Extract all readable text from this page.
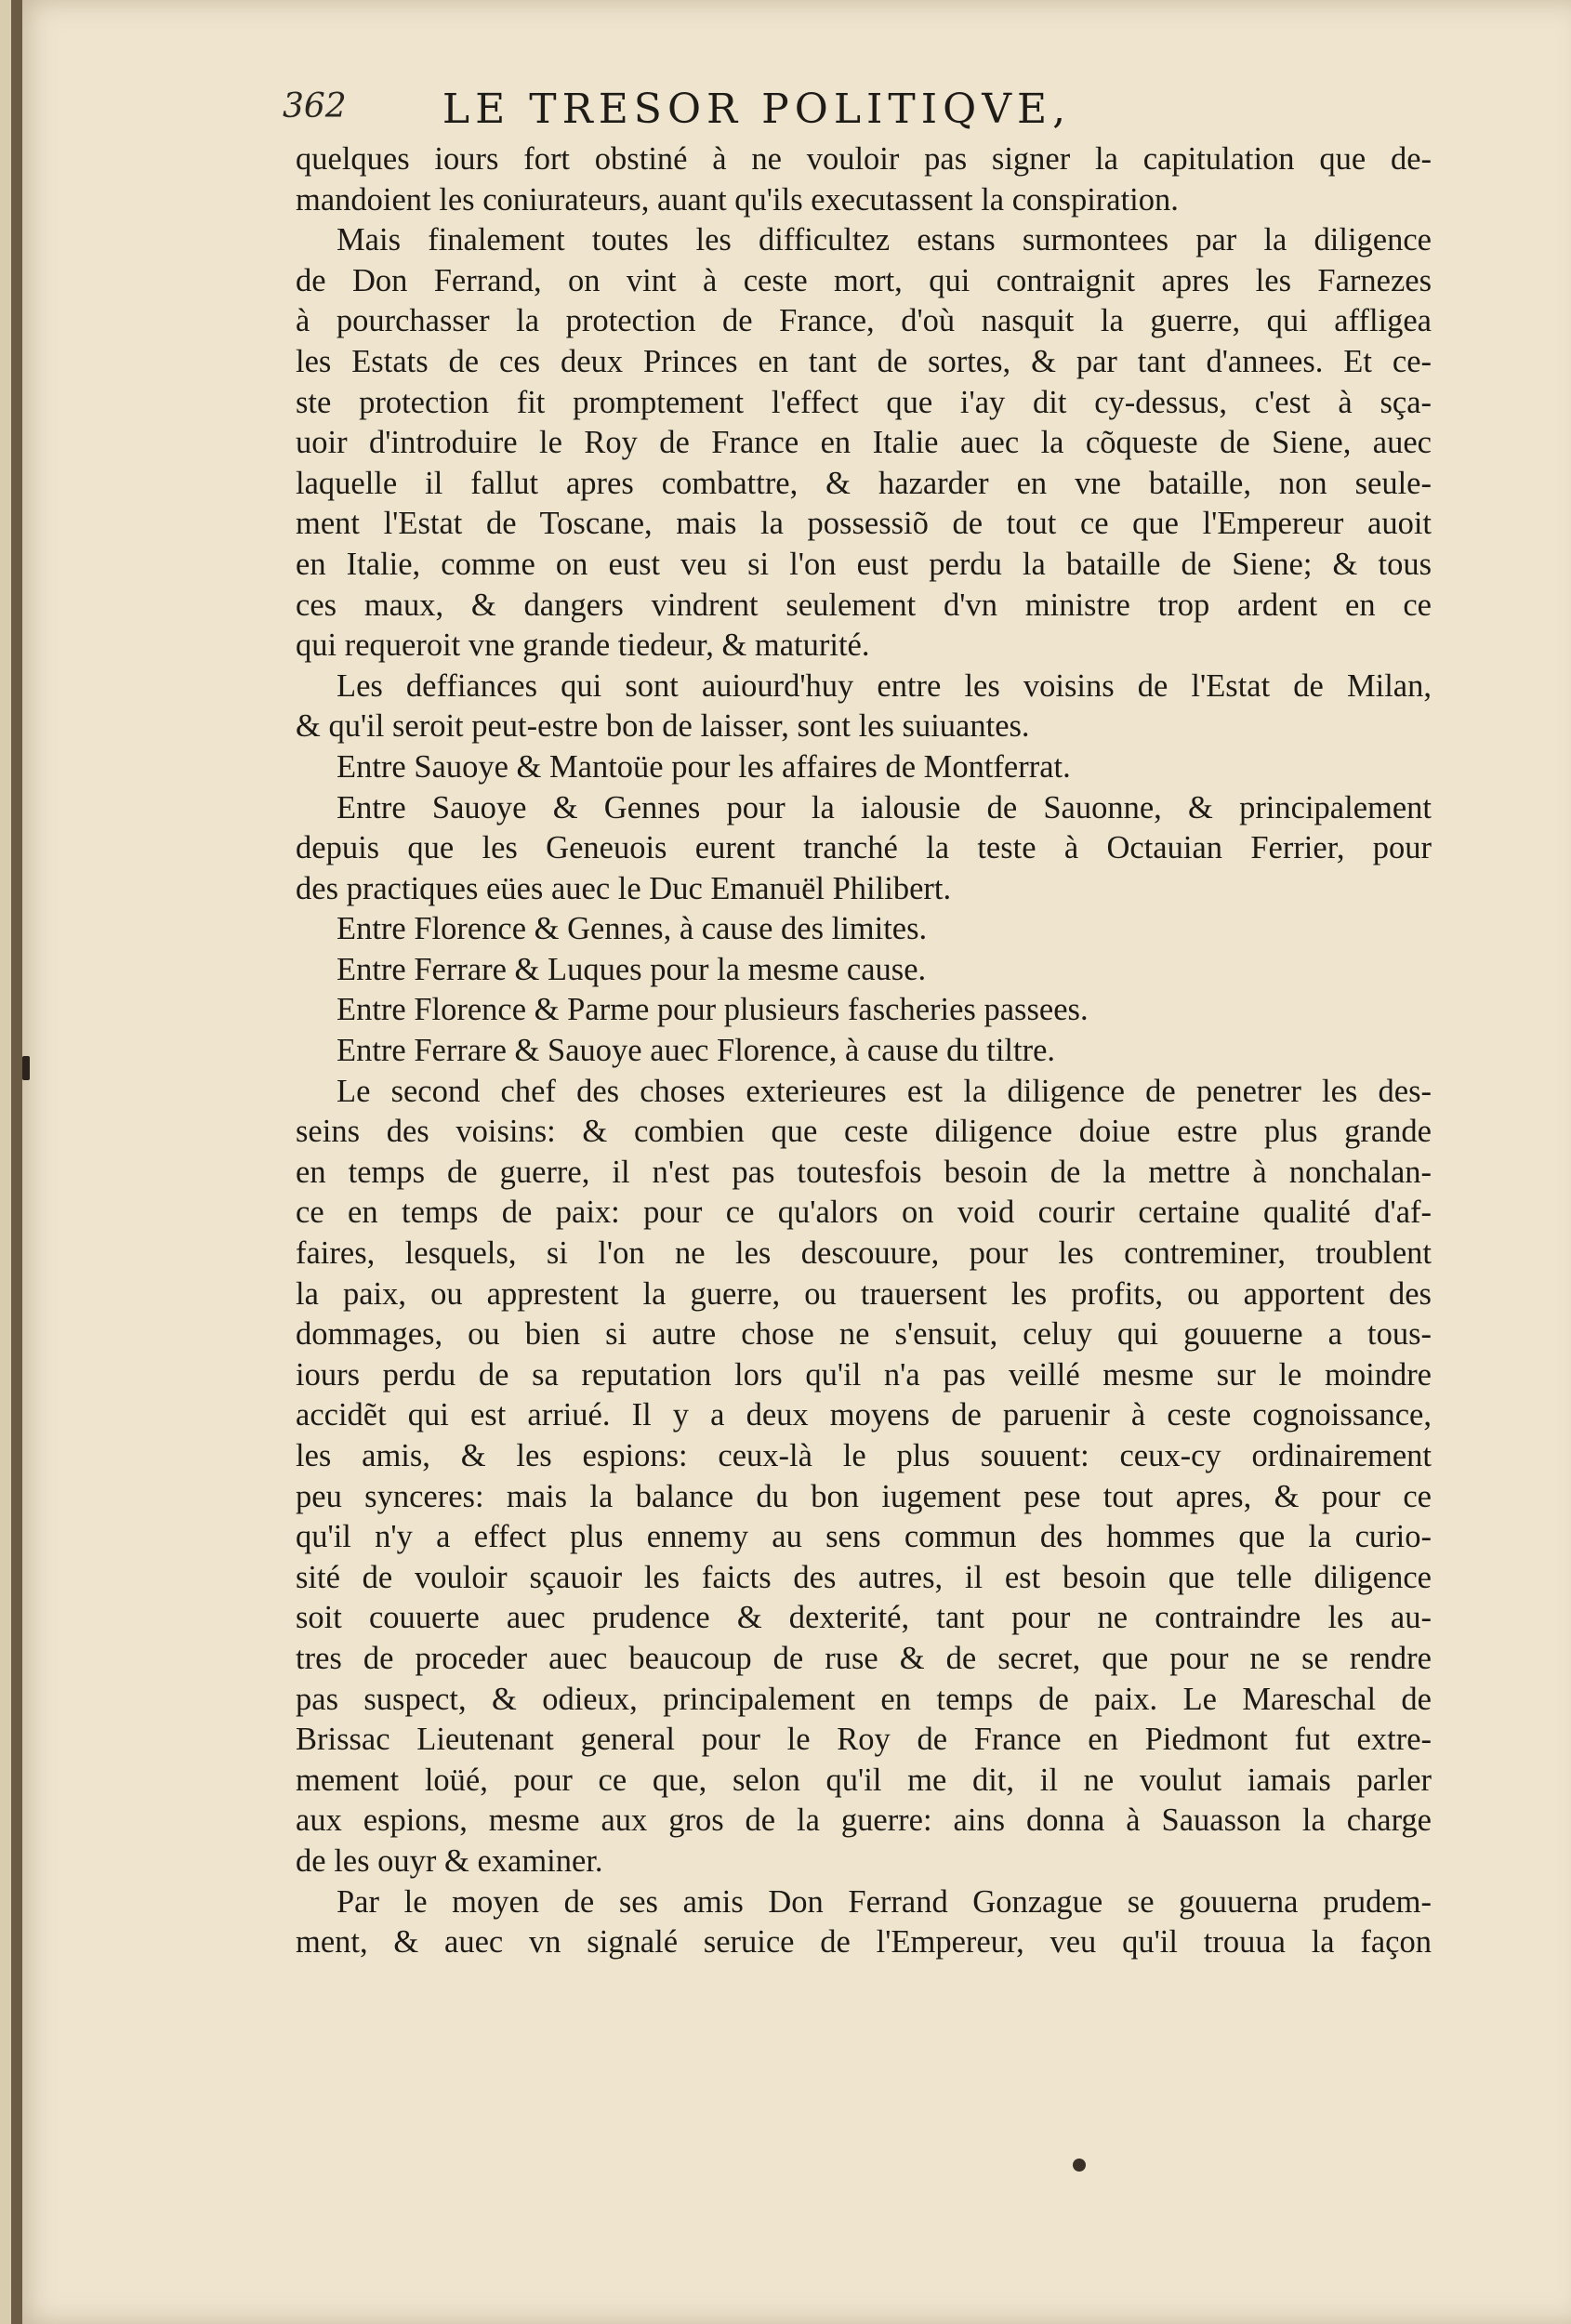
362	LE TRESOR POLITIQVE,
quelques iours fort obstiné à ne vouloir pas signer la capitulation que de-
mandoient les coniurateurs, auant qu'ils executassent la conspiration.
Mais finalement toutes les difficultez estans surmontees par la diligence
de Don Ferrand, on vint à ceste mort, qui contraignit apres les Farnezes
à pourchasser la protection de France, d'où nasquit la guerre, qui affligea
les Estats de ces deux Princes en tant de sortes, & par tant d'annees. Et ce-
ste protection fit promptement l'effect que i'ay dit cy-dessus, c'est à sça-
uoir d'introduire le Roy de France en Italie auec la cõqueste de Siene, auec
laquelle il fallut apres combattre, & hazarder en vne bataille, non seule-
ment l'Estat de Toscane, mais la possessiõ de tout ce que l'Empereur auoit
en Italie, comme on eust veu si l'on eust perdu la bataille de Siene; & tous
ces maux, & dangers vindrent seulement d'vn ministre trop ardent en ce
qui requeroit vne grande tiedeur, & maturité.
Les deffiances qui sont auiourd'huy entre les voisins de l'Estat de Milan,
& qu'il seroit peut-estre bon de laisser, sont les suiuantes.
Entre Sauoye & Mantoüe pour les affaires de Montferrat.
Entre Sauoye & Gennes pour la ialousie de Sauonne, & principalement
depuis que les Geneuois eurent tranché la teste à Octauian Ferrier, pour
des practiques eües auec le Duc Emanuël Philibert.
Entre Florence & Gennes, à cause des limites.
Entre Ferrare & Luques pour la mesme cause.
Entre Florence & Parme pour plusieurs fascheries passees.
Entre Ferrare & Sauoye auec Florence, à cause du tiltre.
Le second chef des choses exterieures est la diligence de penetrer les des-
seins des voisins: & combien que ceste diligence doiue estre plus grande
en temps de guerre, il n'est pas toutesfois besoin de la mettre à nonchalan-
ce en temps de paix: pour ce qu'alors on void courir certaine qualité d'af-
faires, lesquels, si l'on ne les descouure, pour les contreminer, troublent
la paix, ou apprestent la guerre, ou trauersent les profits, ou apportent des
dommages, ou bien si autre chose ne s'ensuit, celuy qui gouuerne a tous-
iours perdu de sa reputation lors qu'il n'a pas veillé mesme sur le moindre
accidẽt qui est arriué. Il y a deux moyens de paruenir à ceste cognoissance,
les amis, & les espions: ceux-là le plus souuent: ceux-cy ordinairement
peu synceres: mais la balance du bon iugement pese tout apres, & pour ce
qu'il n'y a effect plus ennemy au sens commun des hommes que la curio-
sité de vouloir sçauoir les faicts des autres, il est besoin que telle diligence
soit couuerte auec prudence & dexterité, tant pour ne contraindre les au-
tres de proceder auec beaucoup de ruse & de secret, que pour ne se rendre
pas suspect, & odieux, principalement en temps de paix. Le Mareschal de
Brissac Lieutenant general pour le Roy de France en Piedmont fut extre-
mement loüé, pour ce que, selon qu'il me dit, il ne voulut iamais parler
aux espions, mesme aux gros de la guerre: ains donna à Sauasson la charge
de les ouyr & examiner.
Par le moyen de ses amis Don Ferrand Gonzague se gouuerna prudem-
ment, & auec vn signalé seruice de l'Empereur, veu qu'il trouua la façon
